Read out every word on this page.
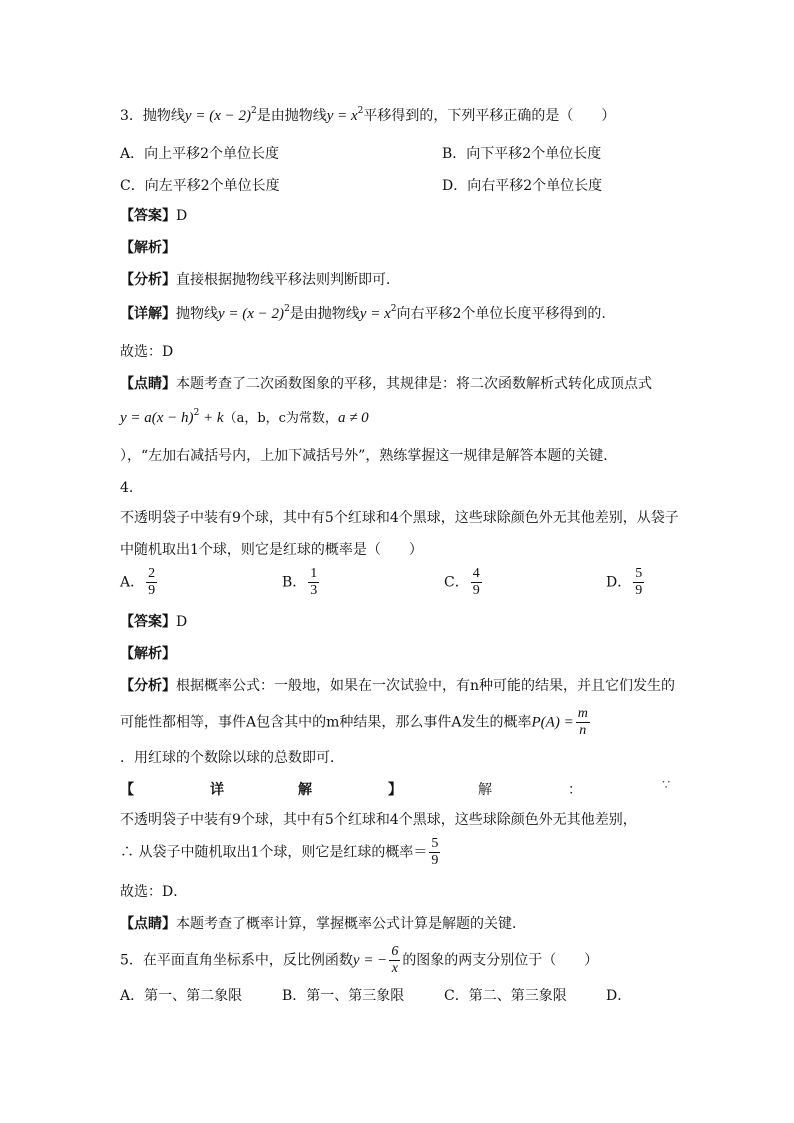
3．抛物线$y = (x - 2)^2$是由抛物线$y = x^2$平移得到的，下列平移正确的是（　　）
A．向上平移2个单位长度	B．向下平移2个单位长度
C．向左平移2个单位长度	D．向右平移2个单位长度
【答案】D
【解析】
【分析】直接根据抛物线平移法则判断即可．
【详解】抛物线$y = (x - 2)^2$是由抛物线$y = x^2$向右平移2个单位长度平移得到的.
故选：D
【点睛】本题考查了二次函数图象的平移，其规律是：将二次函数解析式转化成顶点式
$y = a(x - h)^2 + k(a$，b，c为常数，a ≠ 0
），“左加右减括号内，上加下减括号外”，熟练掌握这一规律是解答本题的关键．
4.
不透明袋子中装有9个球，其中有5个红球和4个黑球，这些球除颜色外无其他差别，从袋子
中随机取出1个球，则它是红球的概率是（　　）
A． $\frac{2}{9}$	B． $\frac{1}{3}$	C． $\frac{4}{9}$	D． $\frac{5}{9}$
【答案】D
【解析】
【分析】根据概率公式：一般地，如果在一次试验中，有n种可能的结果，并且它们发生的
可能性都相等，事件A包含其中的m种结果，那么事件A发生的概率$P(A) = \frac{m}{n}$
．用红球的个数除以球的总数即可．
【	详	解	】	解	：	∵
不透明袋子中装有9个球，其中有5个红球和4个黑球，这些球除颜色外无其他差别，
∴ 从袋子中随机取出1个球，则它是红球的概率＝ $\frac{5}{9}$
故选：D．
【点睛】本题考查了概率计算，掌握概率公式计算是解题的关键．
5．在平面直角坐标系中，反比例函数y = − $\frac{6}{x}$ 的图象的两支分别位于（　　）
A．第一、第二象限	B．第一、第三象限	C．第二、第三象限	D．
